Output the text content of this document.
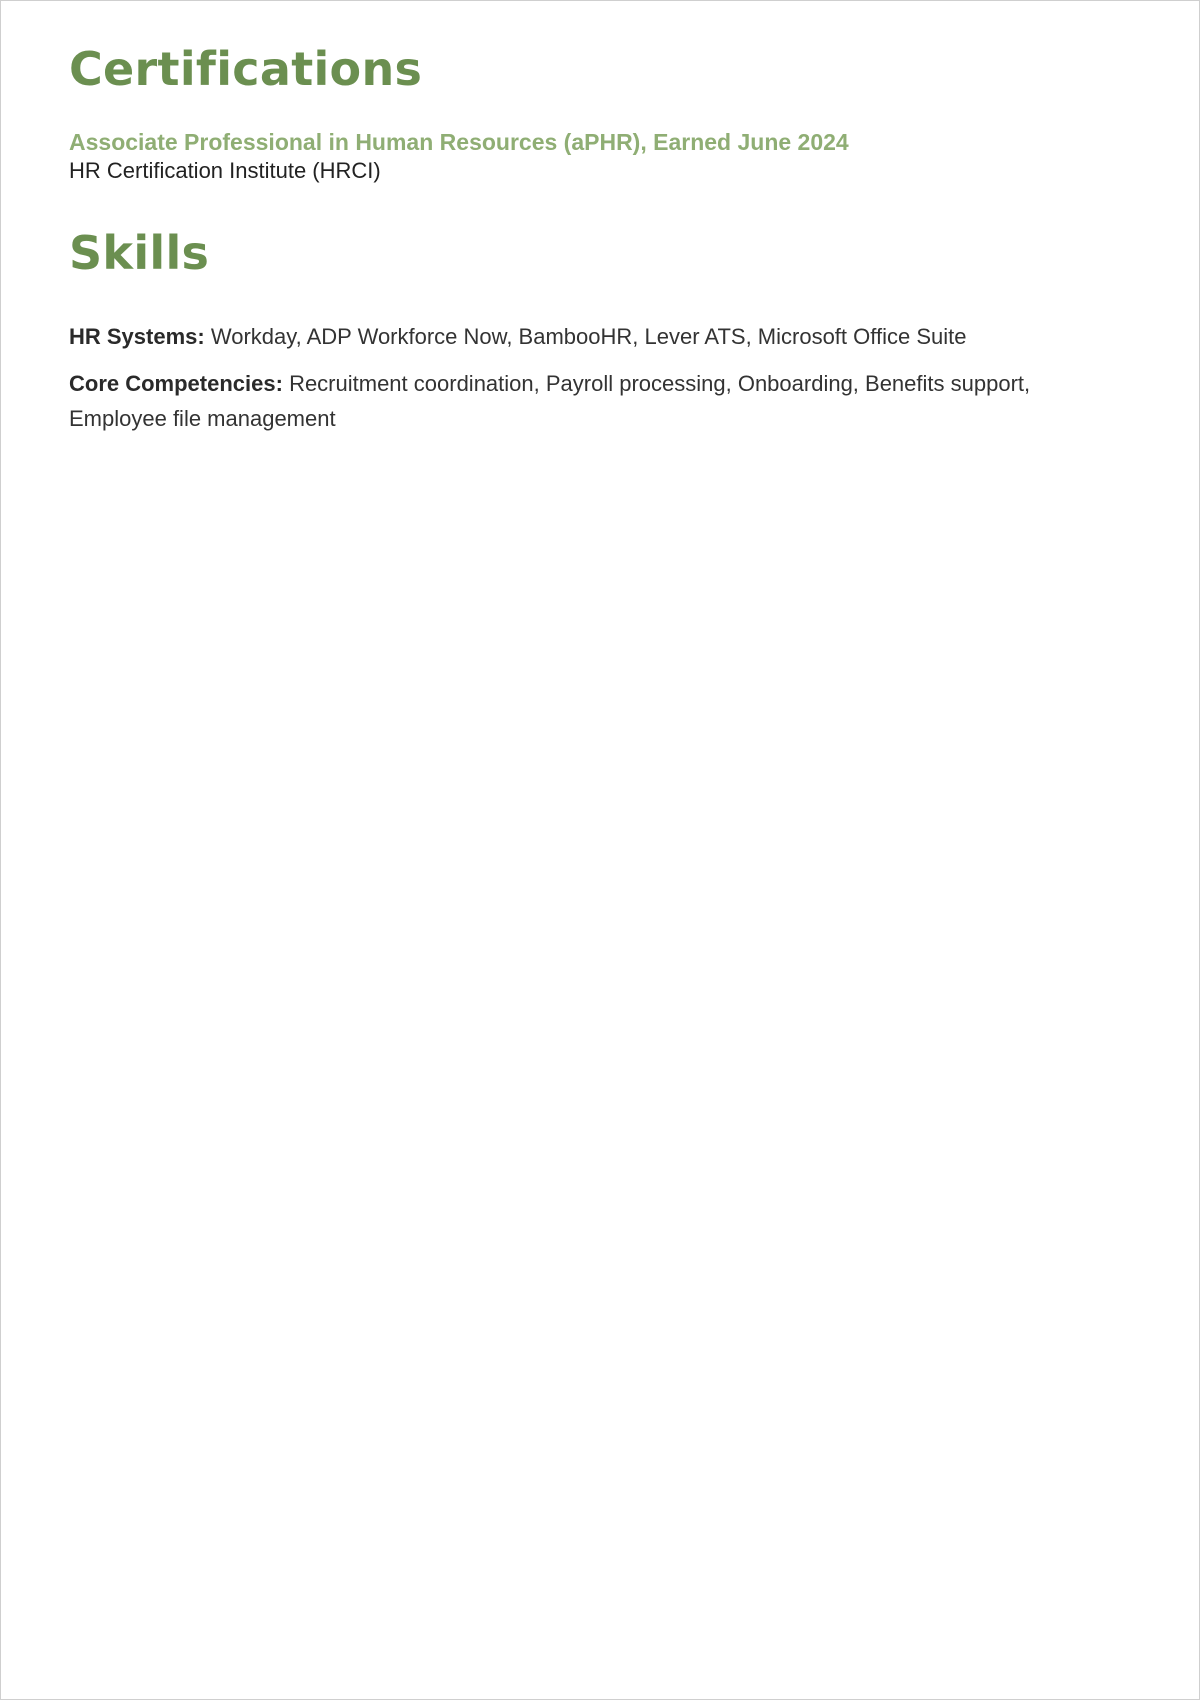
Certifications

Associate Professional in Human Resources (aPHR), Earned June 2024

HR Certification Institute (HRCI)

Skills

HR Systems: Workday, ADP Workforce Now, BambooHR, Lever ATS, Microsoft Office Suite

Core Competencies: Recruitment coordination, Payroll processing, Onboarding, Benefits support, Employee file management
